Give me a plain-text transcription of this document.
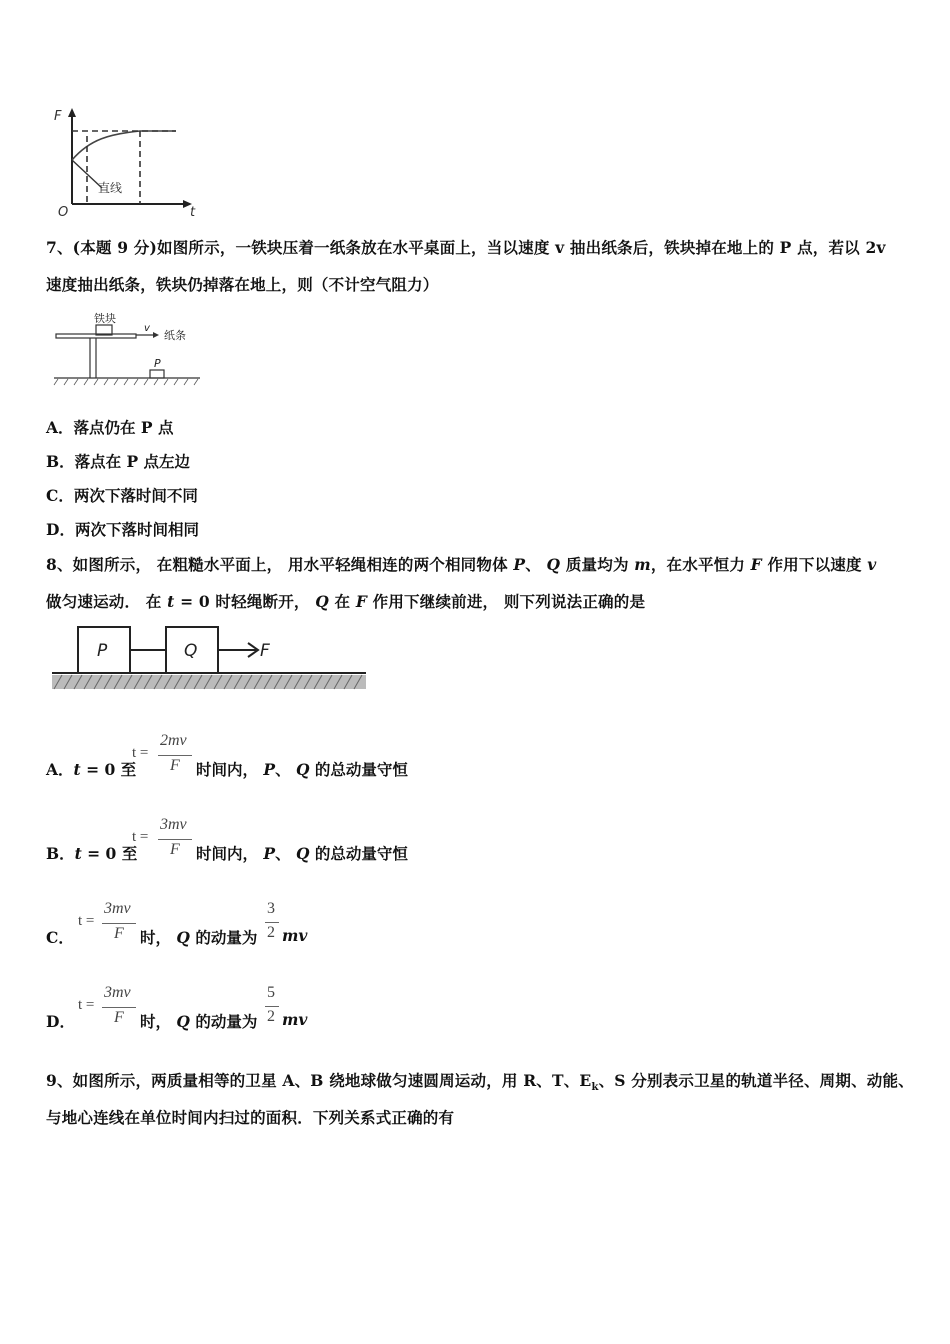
F
t
O
直线
7、(本题 9 分)如图所示，一铁块压着一纸条放在水平桌面上，当以速度 v 抽出纸条后，铁块掉在地上的 P 点，若以 2v
速度抽出纸条，铁块仍掉落在地上，则（不计空气阻力）
铁块
v
纸条
P
A．落点仍在 P 点
B．落点在 P 点左边
C．两次下落时间不同
D．两次下落时间相同
8、如图所示， 在粗糙水平面上， 用水平轻绳相连的两个相同物体 P、 Q 质量均为 m，在水平恒力 F 作用下以速度 v
做匀速运动． 在 t = 0 时轻绳断开， Q 在 F 作用下继续前进， 则下列说法正确的是
P	Q	F
A．t = 0 至
t =
2mv
F 时间内， P、 Q 的总动量守恒
B．t = 0 至
t =
3mv
F 时间内， P、 Q 的总动量守恒
C．
t =
3mv
F 时， Q 的动量为
3
2 mv
D．
t =
3mv
F 时， Q 的动量为
5
2 mv
9、如图所示，两质量相等的卫星 A、B 绕地球做匀速圆周运动，用 R、T、$E_k$、S 分别表示卫星的轨道半径、周期、动能、
与地心连线在单位时间内扫过的面积．下列关系式正确的有
